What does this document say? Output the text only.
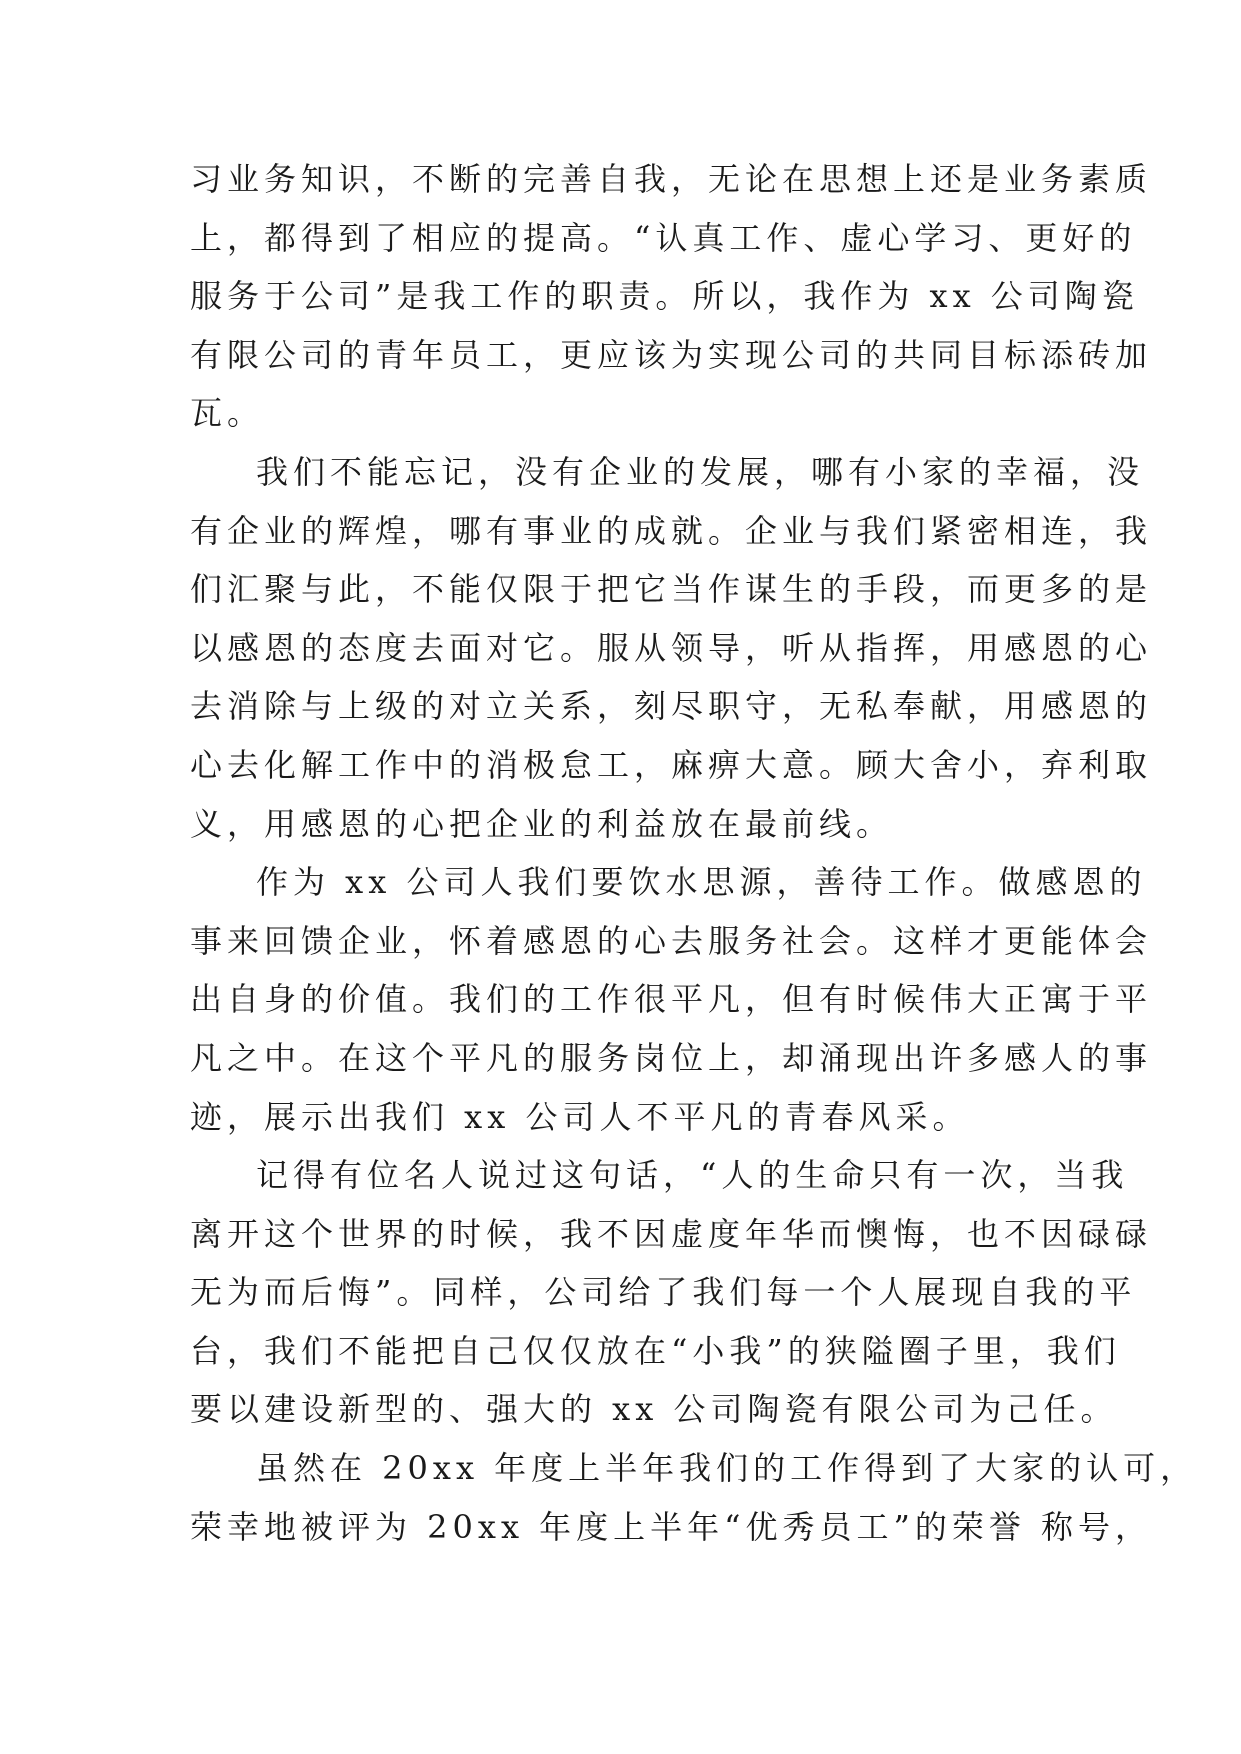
习业务知识，不断的完善自我，无论在思想上还是业务素质
上，都得到了相应的提高。“认真工作、虚心学习、更好的
服务于公司”是我工作的职责。所以，我作为 xx 公司陶瓷
有限公司的青年员工，更应该为实现公司的共同目标添砖加
瓦。
我们不能忘记，没有企业的发展，哪有小家的幸福，没
有企业的辉煌，哪有事业的成就。企业与我们紧密相连，我
们汇聚与此，不能仅限于把它当作谋生的手段，而更多的是
以感恩的态度去面对它。服从领导，听从指挥，用感恩的心
去消除与上级的对立关系，刻尽职守，无私奉献，用感恩的
心去化解工作中的消极怠工，麻痹大意。顾大舍小，弃利取
义，用感恩的心把企业的利益放在最前线。
作为 xx 公司人我们要饮水思源，善待工作。做感恩的
事来回馈企业，怀着感恩的心去服务社会。这样才更能体会
出自身的价值。我们的工作很平凡，但有时候伟大正寓于平
凡之中。在这个平凡的服务岗位上，却涌现出许多感人的事
迹，展示出我们 xx 公司人不平凡的青春风采。
记得有位名人说过这句话，“人的生命只有一次，当我
离开这个世界的时候，我不因虚度年华而懊悔，也不因碌碌
无为而后悔”。同样，公司给了我们每一个人展现自我的平
台，我们不能把自己仅仅放在“小我”的狭隘圈子里，我们
要以建设新型的、强大的 xx 公司陶瓷有限公司为己任。
虽然在 20xx 年度上半年我们的工作得到了大家的认可，
荣幸地被评为 20xx 年度上半年“优秀员工”的荣誉 称号，
